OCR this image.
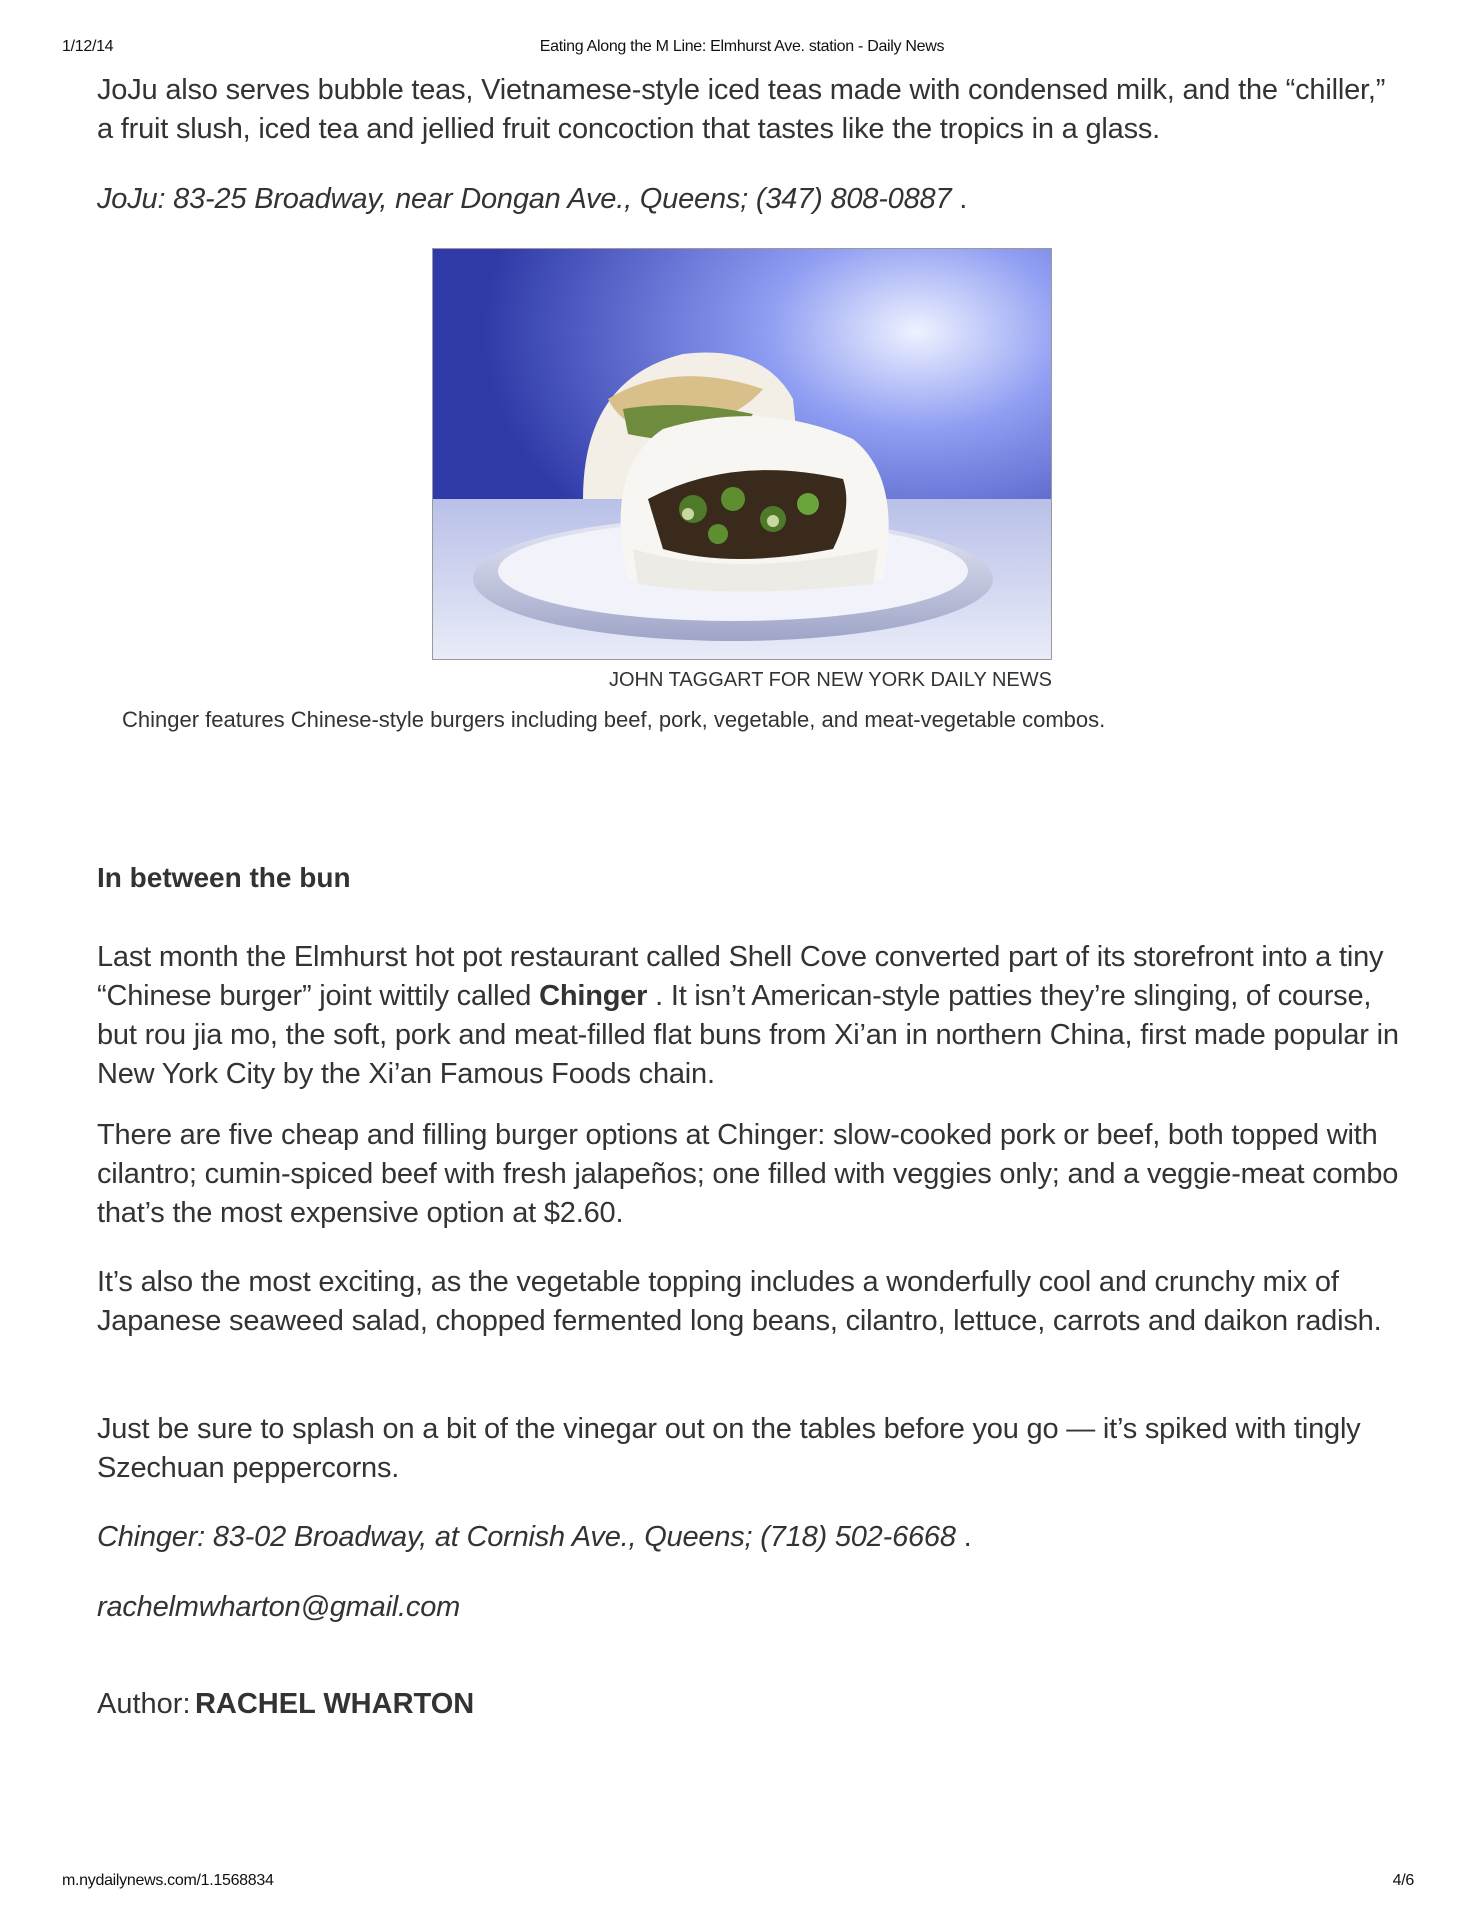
1/12/14	Eating Along the M Line: Elmhurst Ave. station - Daily News

JoJu also serves bubble teas, Vietnamese-style iced teas made with condensed milk, and the “chiller,” a fruit slush, iced tea and jellied fruit concoction that tastes like the tropics in a glass.

JoJu: 83-25 Broadway, near Dongan Ave., Queens; (347) 808-0887 .

JOHN TAGGART FOR NEW YORK DAILY NEWS
Chinger features Chinese-style burgers including beef, pork, vegetable, and meat-vegetable combos.
In between the bun

Last month the Elmhurst hot pot restaurant called Shell Cove converted part of its storefront into a tiny “Chinese burger” joint wittily called Chinger . It isn’t American-style patties they’re slinging, of course, but rou jia mo, the soft, pork and meat-filled flat buns from Xi’an in northern China, first made popular in New York City by the Xi’an Famous Foods chain.

There are five cheap and filling burger options at Chinger: slow-cooked pork or beef, both topped with cilantro; cumin-spiced beef with fresh jalapeños; one filled with veggies only; and a veggie-meat combo that’s the most expensive option at $2.60.

It’s also the most exciting, as the vegetable topping includes a wonderfully cool and crunchy mix of Japanese seaweed salad, chopped fermented long beans, cilantro, lettuce, carrots and daikon radish.

Just be sure to splash on a bit of the vinegar out on the tables before you go — it’s spiked with tingly Szechuan peppercorns.

Chinger: 83-02 Broadway, at Cornish Ave., Queens; (718) 502-6668 .

rachelmwharton@gmail.com

Author: RACHEL WHARTON
m.nydailynews.com/1.1568834	4/6
